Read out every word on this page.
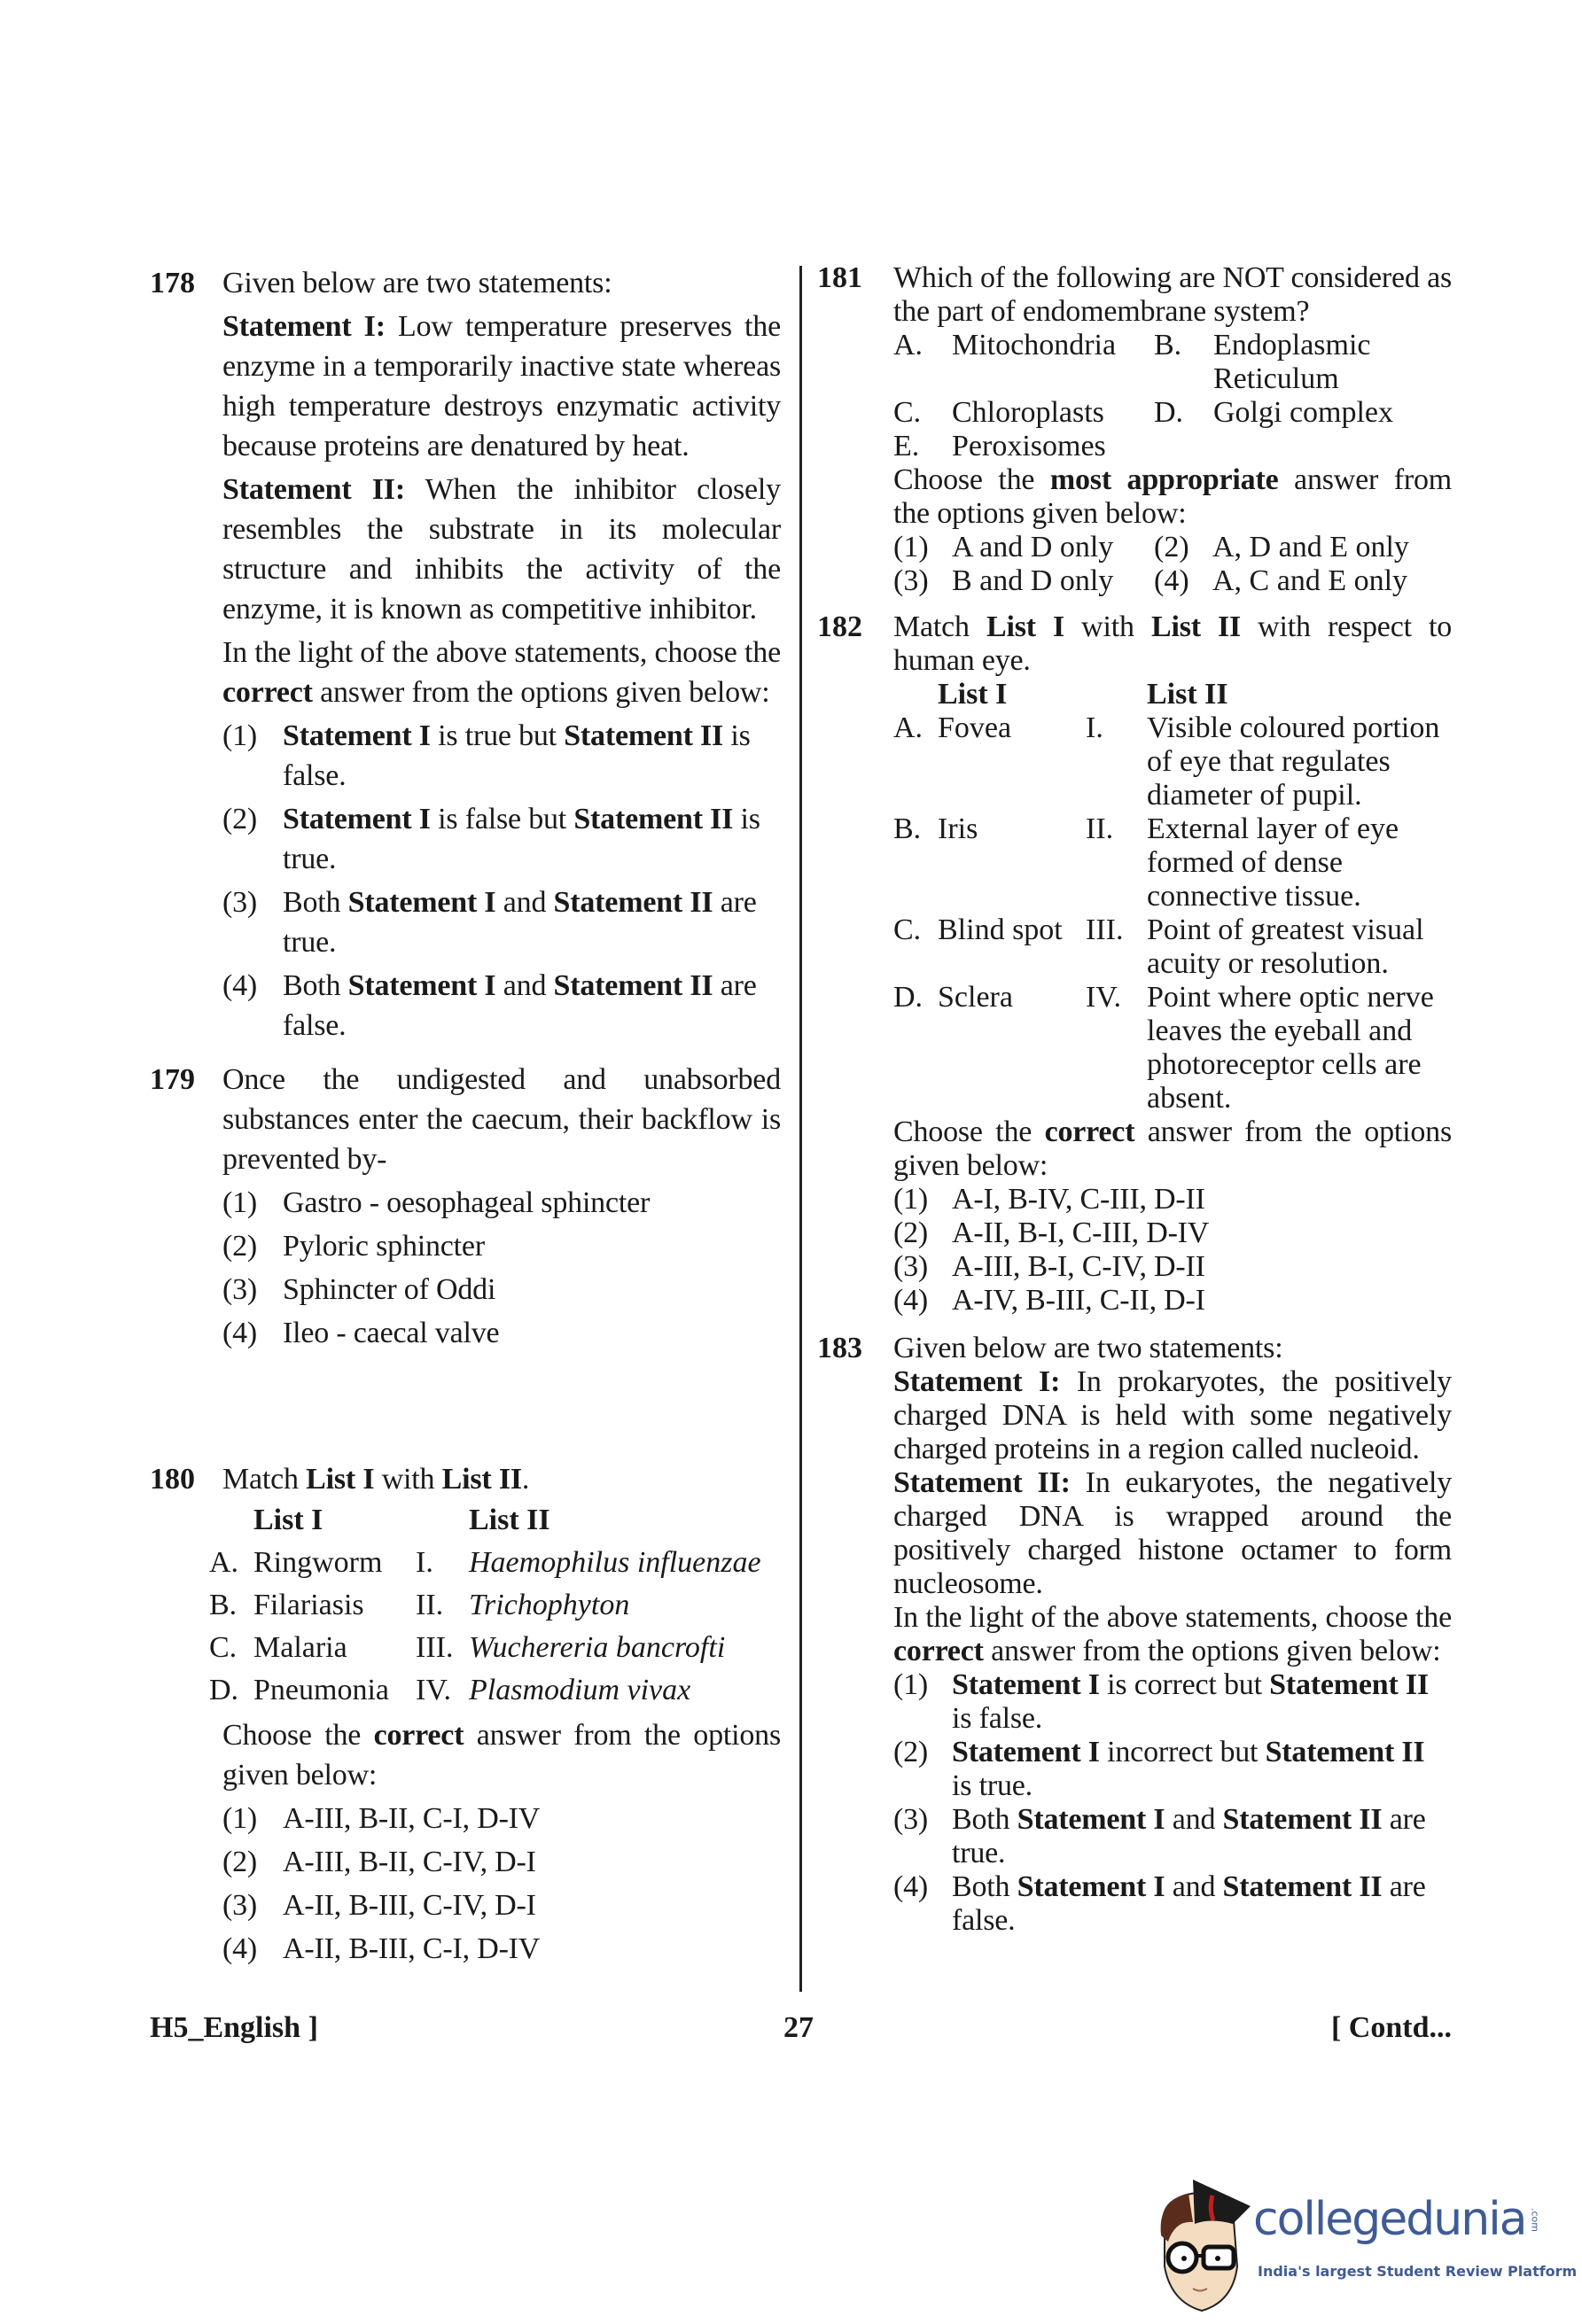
178 Given below are two statements:
Statement I: Low temperature preserves the enzyme in a temporarily inactive state whereas high temperature destroys enzymatic activity because proteins are denatured by heat.
Statement II: When the inhibitor closely resembles the substrate in its molecular structure and inhibits the activity of the enzyme, it is known as competitive inhibitor.
In the light of the above statements, choose the correct answer from the options given below:
(1) Statement I is true but Statement II is false.
(2) Statement I is false but Statement II is true.
(3) Both Statement I and Statement II are true.
(4) Both Statement I and Statement II are false.
179 Once the undigested and unabsorbed substances enter the caecum, their backflow is prevented by-
(1) Gastro - oesophageal sphincter
(2) Pyloric sphincter
(3) Sphincter of Oddi
(4) Ileo - caecal valve
180 Match List I with List II.
List I	List II
A. Ringworm	I.	Haemophilus influenzae
B. Filariasis	II. Trichophyton
C. Malaria	III. Wuchereria bancrofti
D. Pneumonia IV. Plasmodium vivax
Choose the correct answer from the options given below:
(1) A-III, B-II, C-I, D-IV
(2) A-III, B-II, C-IV, D-I
(3) A-II, B-III, C-IV, D-I
(4) A-II, B-III, C-I, D-IV
181 Which of the following are NOT considered as the part of endomembrane system?
A. Mitochondria	B.	Endoplasmic Reticulum
C.	Chloroplasts	D. Golgi complex
E.	Peroxisomes
Choose the most appropriate answer from the options given below:
(1) A and D only	(2) A, D and E only
(3) B and D only	(4) A, C and E only
182 Match List I with List II with respect to human eye.
List I	List II
A. Fovea	I.	Visible coloured portion of eye that regulates diameter of pupil.
B. Iris	II.	External layer of eye formed of dense connective tissue.
C. Blind spot III. Point of greatest visual acuity or resolution.
D. Sclera	IV. Point where optic nerve leaves the eyeball and photoreceptor cells are absent.
Choose the correct answer from the options given below:
(1) A-I, B-IV, C-III, D-II
(2) A-II, B-I, C-III, D-IV
(3) A-III, B-I, C-IV, D-II
(4) A-IV, B-III, C-II, D-I
183 Given below are two statements:
Statement I: In prokaryotes, the positively charged DNA is held with some negatively charged proteins in a region called nucleoid.
Statement II: In eukaryotes, the negatively charged DNA is wrapped around the positively charged histone octamer to form nucleosome.
In the light of the above statements, choose the correct answer from the options given below:
(1) Statement I is correct but Statement II is false.
(2) Statement I incorrect but Statement II is true.
(3) Both Statement I and Statement II are true.
(4) Both Statement I and Statement II are false.
H5_English ]	27	[ Contd...
collegedunia .com
India's largest Student Review Platform
